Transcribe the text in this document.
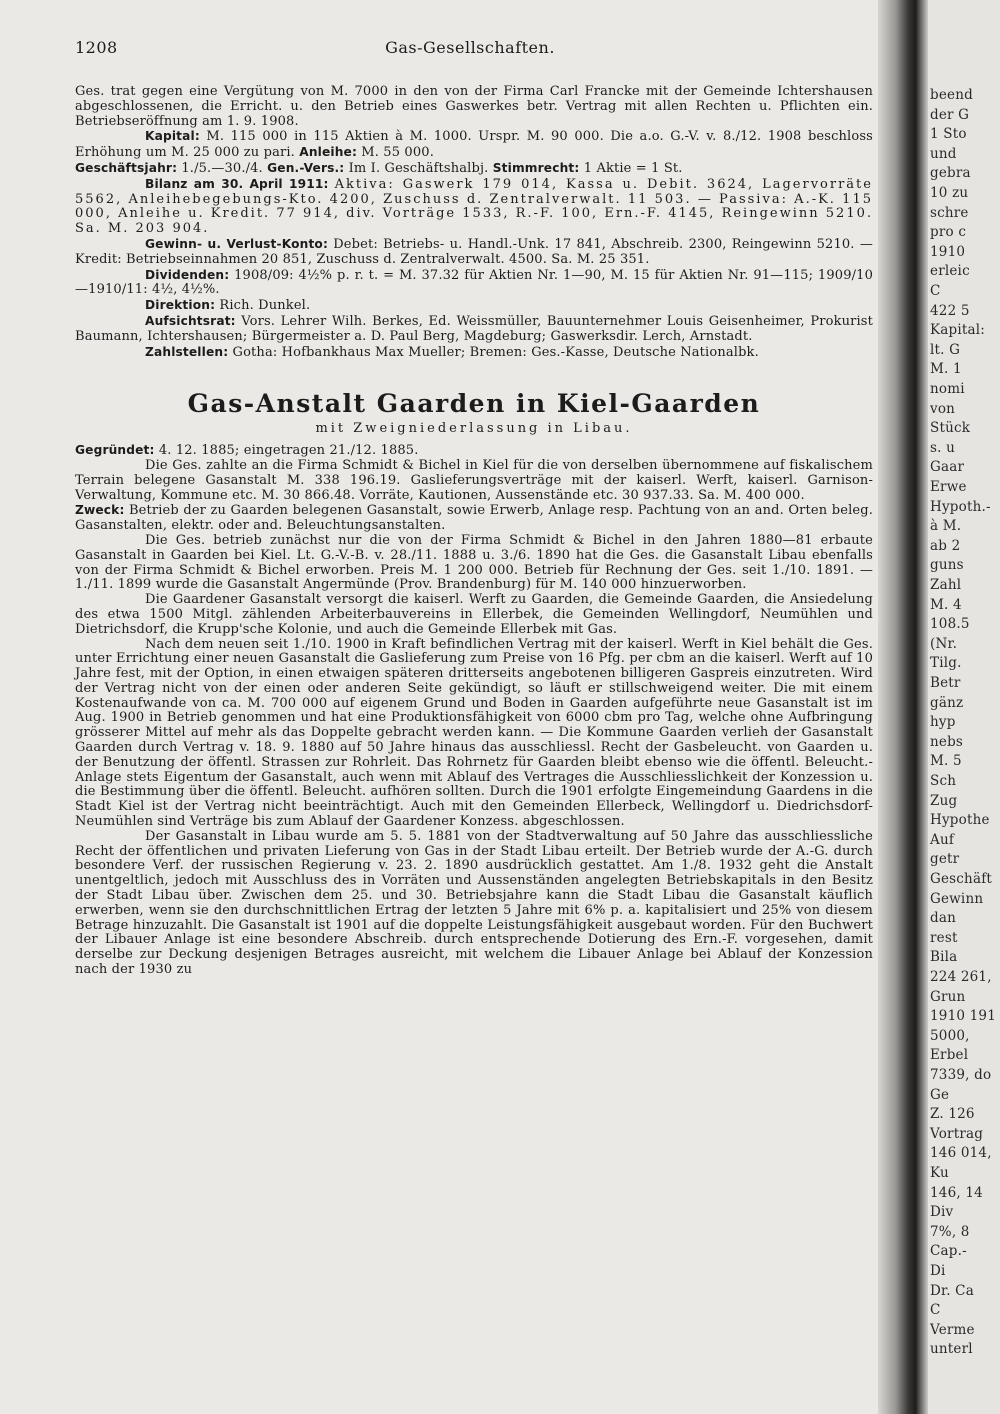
1208	Gas-Gesellschaften.

Ges. trat gegen eine Vergütung von M. 7000 in den von der Firma Carl Francke mit der Gemeinde Ichtershausen abgeschlossenen, die Erricht. u. den Betrieb eines Gaswerkes betr. Vertrag mit allen Rechten u. Pflichten ein. Betriebseröffnung am 1. 9. 1908.

Kapital: M. 115 000 in 115 Aktien à M. 1000. Urspr. M. 90 000. Die a.o. G.-V. v. 8./12. 1908 beschloss Erhöhung um M. 25 000 zu pari. Anleihe: M. 55 000.

Geschäftsjahr: 1./5.—30./4. Gen.-Vers.: Im I. Geschäftshalbj. Stimmrecht: 1 Aktie = 1 St.

Bilanz am 30. April 1911: Aktiva: Gaswerk 179 014, Kassa u. Debit. 3624, Lagervorräte 5562, Anleihebegebungs-Kto. 4200, Zuschuss d. Zentralverwalt. 11 503. — Passiva: A.-K. 115 000, Anleihe u. Kredit. 77 914, div. Vorträge 1533, R.-F. 100, Ern.-F. 4145, Reingewinn 5210. Sa. M. 203 904.

Gewinn- u. Verlust-Konto: Debet: Betriebs- u. Handl.-Unk. 17 841, Abschreib. 2300, Reingewinn 5210. — Kredit: Betriebseinnahmen 20 851, Zuschuss d. Zentralverwalt. 4500. Sa. M. 25 351.

Dividenden: 1908/09: 4½% p. r. t. = M. 37.32 für Aktien Nr. 1—90, M. 15 für Aktien Nr. 91—115; 1909/10—1910/11: 4½, 4½%.

Direktion: Rich. Dunkel.

Aufsichtsrat: Vors. Lehrer Wilh. Berkes, Ed. Weissmüller, Bauunternehmer Louis Geisenheimer, Prokurist Baumann, Ichtershausen; Bürgermeister a. D. Paul Berg, Magdeburg; Gaswerksdir. Lerch, Arnstadt.

Zahlstellen: Gotha: Hofbankhaus Max Mueller; Bremen: Ges.-Kasse, Deutsche Nationalbk.

Gas-Anstalt Gaarden in Kiel-Gaarden
mit Zweigniederlassung in Libau.

Gegründet: 4. 12. 1885; eingetragen 21./12. 1885.

Die Ges. zahlte an die Firma Schmidt & Bichel in Kiel für die von derselben übernommene auf fiskalischem Terrain belegene Gasanstalt M. 338 196.19. Gaslieferungsverträge mit der kaiserl. Werft, kaiserl. Garnison-Verwaltung, Kommune etc. M. 30 866.48. Vorräte, Kautionen, Aussenstände etc. 30 937.33. Sa. M. 400 000.

Zweck: Betrieb der zu Gaarden belegenen Gasanstalt, sowie Erwerb, Anlage resp. Pachtung von an and. Orten beleg. Gasanstalten, elektr. oder and. Beleuchtungsanstalten.

Die Ges. betrieb zunächst nur die von der Firma Schmidt & Bichel in den Jahren 1880—81 erbaute Gasanstalt in Gaarden bei Kiel. Lt. G.-V.-B. v. 28./11. 1888 u. 3./6. 1890 hat die Ges. die Gasanstalt Libau ebenfalls von der Firma Schmidt & Bichel erworben. Preis M. 1 200 000. Betrieb für Rechnung der Ges. seit 1./10. 1891. — 1./11. 1899 wurde die Gasanstalt Angermünde (Prov. Brandenburg) für M. 140 000 hinzuerworben.

Die Gaardener Gasanstalt versorgt die kaiserl. Werft zu Gaarden, die Gemeinde Gaarden, die Ansiedelung des etwa 1500 Mitgl. zählenden Arbeiterbauvereins in Ellerbek, die Gemeinden Wellingdorf, Neumühlen und Dietrichsdorf, die Krupp'sche Kolonie, und auch die Gemeinde Ellerbek mit Gas.

Nach dem neuen seit 1./10. 1900 in Kraft befindlichen Vertrag mit der kaiserl. Werft in Kiel behält die Ges. unter Errichtung einer neuen Gasanstalt die Gaslieferung zum Preise von 16 Pfg. per cbm an die kaiserl. Werft auf 10 Jahre fest, mit der Option, in einen etwaigen späteren dritterseits angebotenen billigeren Gaspreis einzutreten. Wird der Vertrag nicht von der einen oder anderen Seite gekündigt, so läuft er stillschweigend weiter. Die mit einem Kostenaufwande von ca. M. 700 000 auf eigenem Grund und Boden in Gaarden aufgeführte neue Gasanstalt ist im Aug. 1900 in Betrieb genommen und hat eine Produktionsfähigkeit von 6000 cbm pro Tag, welche ohne Aufbringung grösserer Mittel auf mehr als das Doppelte gebracht werden kann. — Die Kommune Gaarden verlieh der Gasanstalt Gaarden durch Vertrag v. 18. 9. 1880 auf 50 Jahre hinaus das ausschliessl. Recht der Gasbeleucht. von Gaarden u. der Benutzung der öffentl. Strassen zur Rohrleit. Das Rohrnetz für Gaarden bleibt ebenso wie die öffentl. Beleucht.-Anlage stets Eigentum der Gasanstalt, auch wenn mit Ablauf des Vertrages die Ausschliesslichkeit der Konzession u. die Bestimmung über die öffentl. Beleucht. aufhören sollten. Durch die 1901 erfolgte Eingemeindung Gaardens in die Stadt Kiel ist der Vertrag nicht beeinträchtigt. Auch mit den Gemeinden Ellerbeck, Wellingdorf u. Diedrichsdorf-Neumühlen sind Verträge bis zum Ablauf der Gaardener Konzess. abgeschlossen.

Der Gasanstalt in Libau wurde am 5. 5. 1881 von der Stadtverwaltung auf 50 Jahre das ausschliessliche Recht der öffentlichen und privaten Lieferung von Gas in der Stadt Libau erteilt. Der Betrieb wurde der A.-G. durch besondere Verf. der russischen Regierung v. 23. 2. 1890 ausdrücklich gestattet. Am 1./8. 1932 geht die Anstalt unentgeltlich, jedoch mit Ausschluss des in Vorräten und Aussenständen angelegten Betriebskapitals in den Besitz der Stadt Libau über. Zwischen dem 25. und 30. Betriebsjahre kann die Stadt Libau die Gasanstalt käuflich erwerben, wenn sie den durchschnittlichen Ertrag der letzten 5 Jahre mit 6% p. a. kapitalisiert und 25% von diesem Betrage hinzuzahlt. Die Gasanstalt ist 1901 auf die doppelte Leistungsfähigkeit ausgebaut worden. Für den Buchwert der Libauer Anlage ist eine besondere Abschreib. durch entsprechende Dotierung des Ern.-F. vorgesehen, damit derselbe zur Deckung desjenigen Betrages ausreicht, mit welchem die Libauer Anlage bei Ablauf der Konzession nach der 1930 zu

beend
der G
1 Sto
und
gebra
10 zu
schre
pro c
1910
erleic
C
422 5
Kapital:
lt. G
M. 1
nomi
von
Stück
s. u
Gaar
Erwe
Hypoth.-
à M.
ab 2
guns
Zahl
M. 4
108.5
(Nr.
Tilg.
Betr
gänz
hyp
nebs
M. 5
Sch
Zug
Hypothe
Auf
getr
Geschäft
Gewinn
dan
rest
Bila
224 261,
Grun
1910 191
5000,
Erbel
7339, do
Ge
Z. 126
Vortrag
146 014,
Ku
146, 14
Div
7%, 8
Cap.-
Di
Dr. Ca
C
Verme
unterl
